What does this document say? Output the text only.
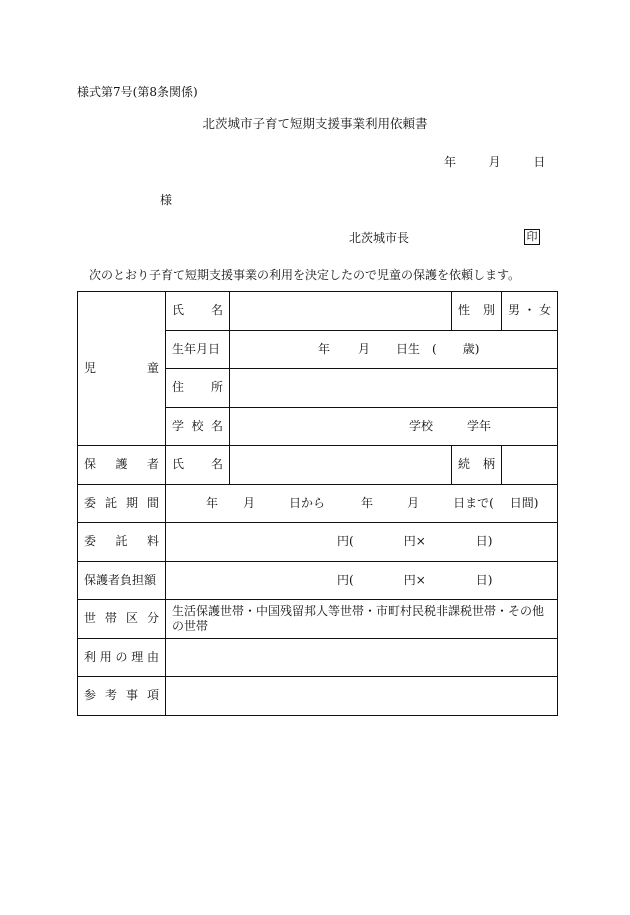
様式第7号(第8条関係)
北茨城市子育て短期支援事業利用依頼書
年	月	日
様
北茨城市長	印
次のとおり子育て短期支援事業の利用を決定したので児童の保護を依頼します。
児 童	氏 名		性 別	男 ・ 女

	生年月日	年 月 日生 ( 歳)		

	住 所			

	学 校 名	学校 学年		

保 護 者	氏 名		続 柄	

委 託 期 間	年 月 日から 年 月 日まで( 日間)			

委 託 料	円( 円× 日)			
保護者負担額	円( 円× 日)			

世 帯 区 分	生活保護世帯・中国残留邦人等世帯・市町村民税非課税世帯・その他の世帯			

利 用 の 理 由				

参 考 事 項				
